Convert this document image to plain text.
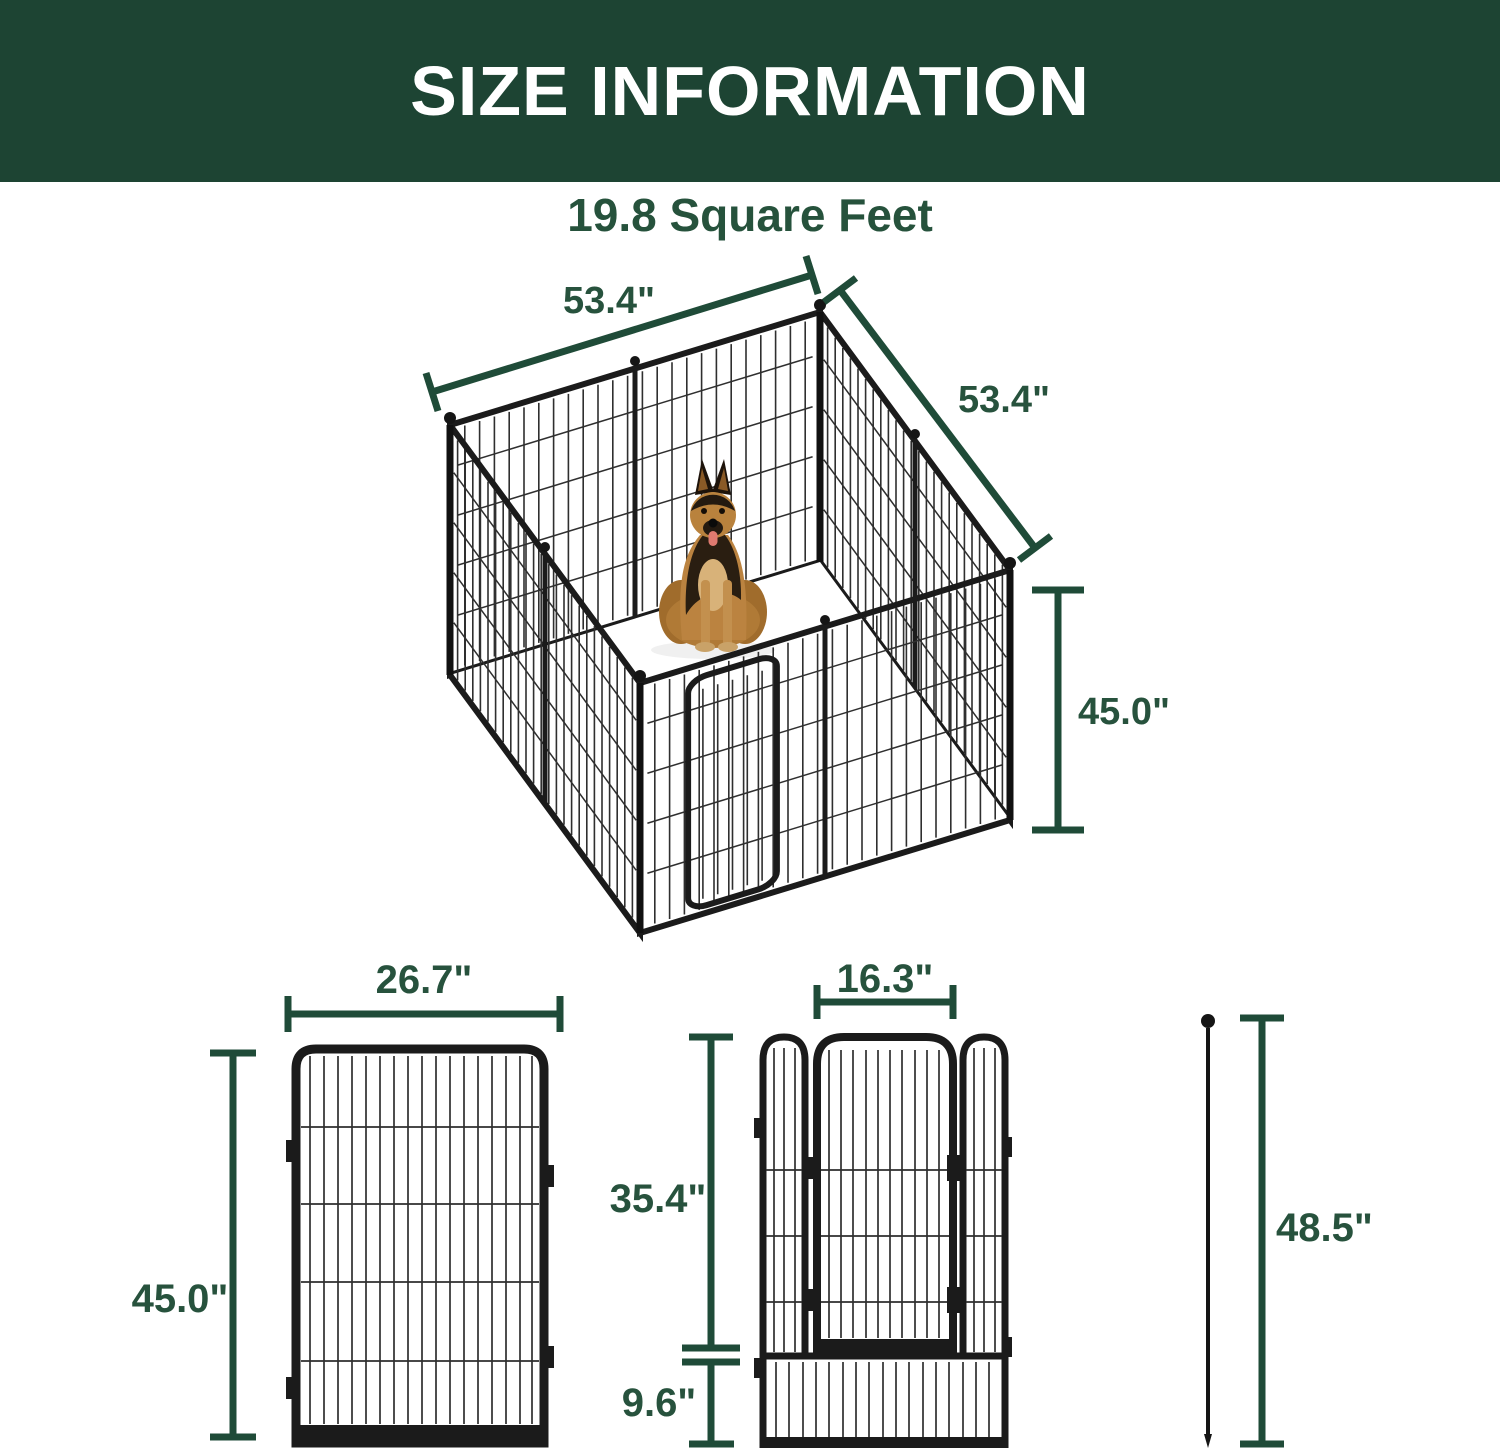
SIZE INFORMATION
19.8 Square Feet
53.4"
53.4"
45.0"
26.7"
45.0"
16.3"
35.4"
9.6"
48.5"
